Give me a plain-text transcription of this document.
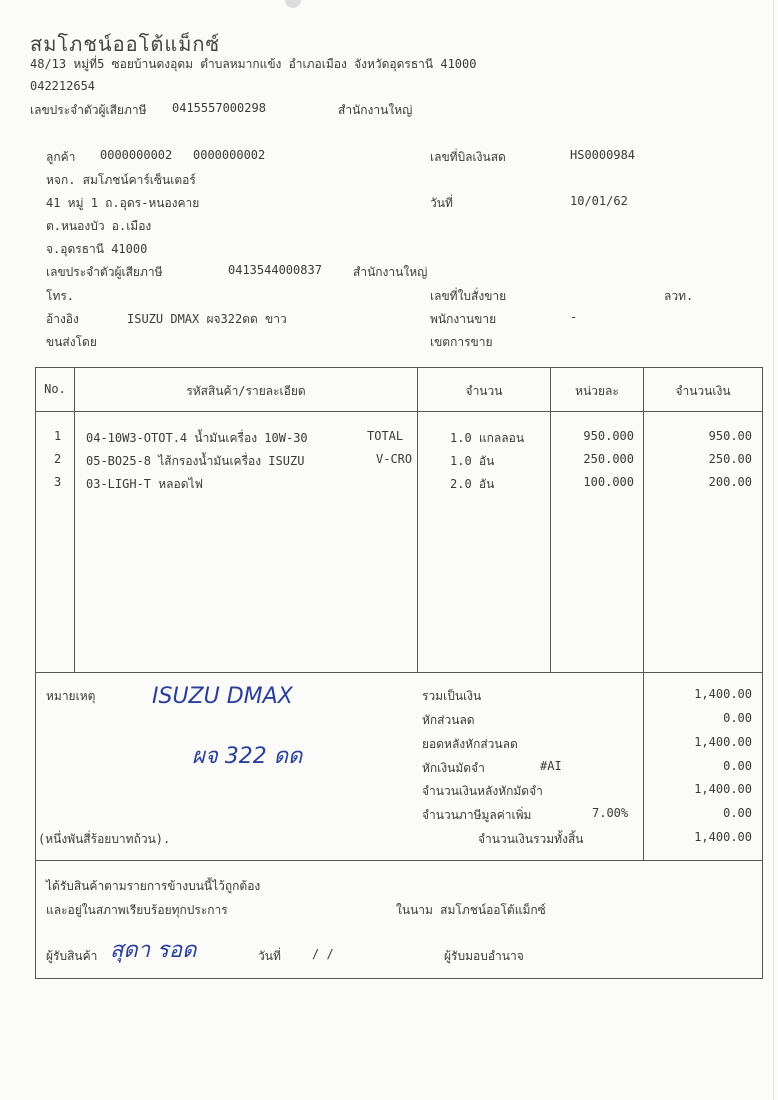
สมโภชน์ออโต้แม็กซ์
48/13 หมู่ที่5 ซอยบ้านดงอุดม ตำบลหมากแข้ง อำเภอเมือง จังหวัดอุดรธานี 41000
042212654
เลขประจำตัวผู้เสียภาษี 0415557000298	สำนักงานใหญ่
ลูกค้า 0000000002 0000000002
หจก. สมโภชน์คาร์เซ็นเตอร์
41 หมู่ 1 ถ.อุดร-หนองคาย
ต.หนองบัว อ.เมือง
จ.อุดรธานี 41000
เลขประจำตัวผู้เสียภาษี	0413544000837	สำนักงานใหญ่
โทร.
อ้างอิง	ISUZU DMAX ผจ322ดด ขาว
ขนส่งโดย
เลขที่บิลเงินสด	HS0000984
วันที่	10/01/62
เลขที่ใบสั่งขาย	ลวท.
พนักงานขาย	-
เขตการขาย
No.	รหัสสินค้า/รายละเอียด	จำนวน	หน่วยละ	จำนวนเงิน
1 04-10W3-OTOT.4 น้ำมันเครื่อง 10W-30	TOTAL	1.0 แกลลอน	950.000	950.00
2 05-BO25-8 ไส้กรองน้ำมันเครื่อง ISUZU	V-CRO	1.0 อัน	250.000	250.00
3 03-LIGH-T หลอดไฟ	2.0 อัน	100.000	200.00
หมายเหตุ	ISUZU DMAX
ผจ 322 ดด
(หนึ่งพันสี่ร้อยบาทถ้วน).
รวมเป็นเงิน	1,400.00
หักส่วนลด	0.00
ยอดหลังหักส่วนลด	1,400.00
หักเงินมัดจำ	#AI	0.00
จำนวนเงินหลังหักมัดจำ	1,400.00
จำนวนภาษีมูลค่าเพิ่ม	7.00%	0.00
จำนวนเงินรวมทั้งสิ้น	1,400.00
ได้รับสินค้าตามรายการข้างบนนี้ไว้ถูกต้อง
และอยู่ในสภาพเรียบร้อยทุกประการ	ในนาม สมโภชน์ออโต้แม็กซ์
ผู้รับสินค้า สุดา รอด	วันที่	/ /	ผู้รับมอบอำนาจ
